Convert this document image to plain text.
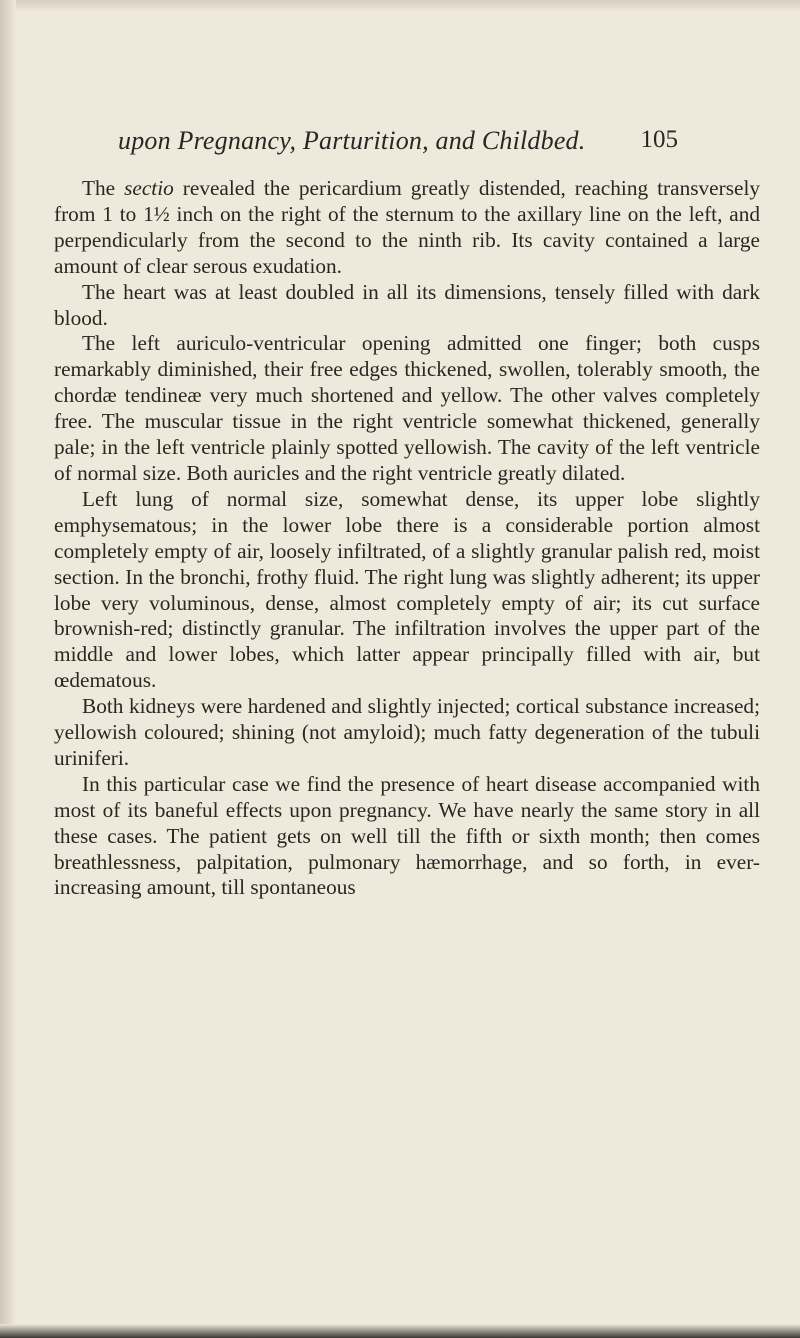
upon Pregnancy, Parturition, and Childbed. 105

The sectio revealed the pericardium greatly distended, reaching transversely from 1 to 1½ inch on the right of the sternum to the axillary line on the left, and perpendicularly from the second to the ninth rib. Its cavity contained a large amount of clear serous exudation.

The heart was at least doubled in all its dimensions, tensely filled with dark blood.

The left auriculo-ventricular opening admitted one finger; both cusps remarkably diminished, their free edges thickened, swollen, tolerably smooth, the chordæ tendineæ very much shortened and yellow. The other valves completely free. The muscular tissue in the right ventricle somewhat thickened, generally pale; in the left ventricle plainly spotted yellowish. The cavity of the left ventricle of normal size. Both auricles and the right ventricle greatly dilated.

Left lung of normal size, somewhat dense, its upper lobe slightly emphysematous; in the lower lobe there is a considerable portion almost completely empty of air, loosely infiltrated, of a slightly granular palish red, moist section. In the bronchi, frothy fluid. The right lung was slightly adherent; its upper lobe very voluminous, dense, almost completely empty of air; its cut surface brownish-red; distinctly granular. The infiltration involves the upper part of the middle and lower lobes, which latter appear principally filled with air, but œdematous.

Both kidneys were hardened and slightly injected; cortical substance increased; yellowish coloured; shining (not amyloid); much fatty degeneration of the tubuli uriniferi.

In this particular case we find the presence of heart disease accompanied with most of its baneful effects upon pregnancy. We have nearly the same story in all these cases. The patient gets on well till the fifth or sixth month; then comes breathlessness, palpitation, pulmonary hæmorrhage, and so forth, in ever-increasing amount, till spontaneous
